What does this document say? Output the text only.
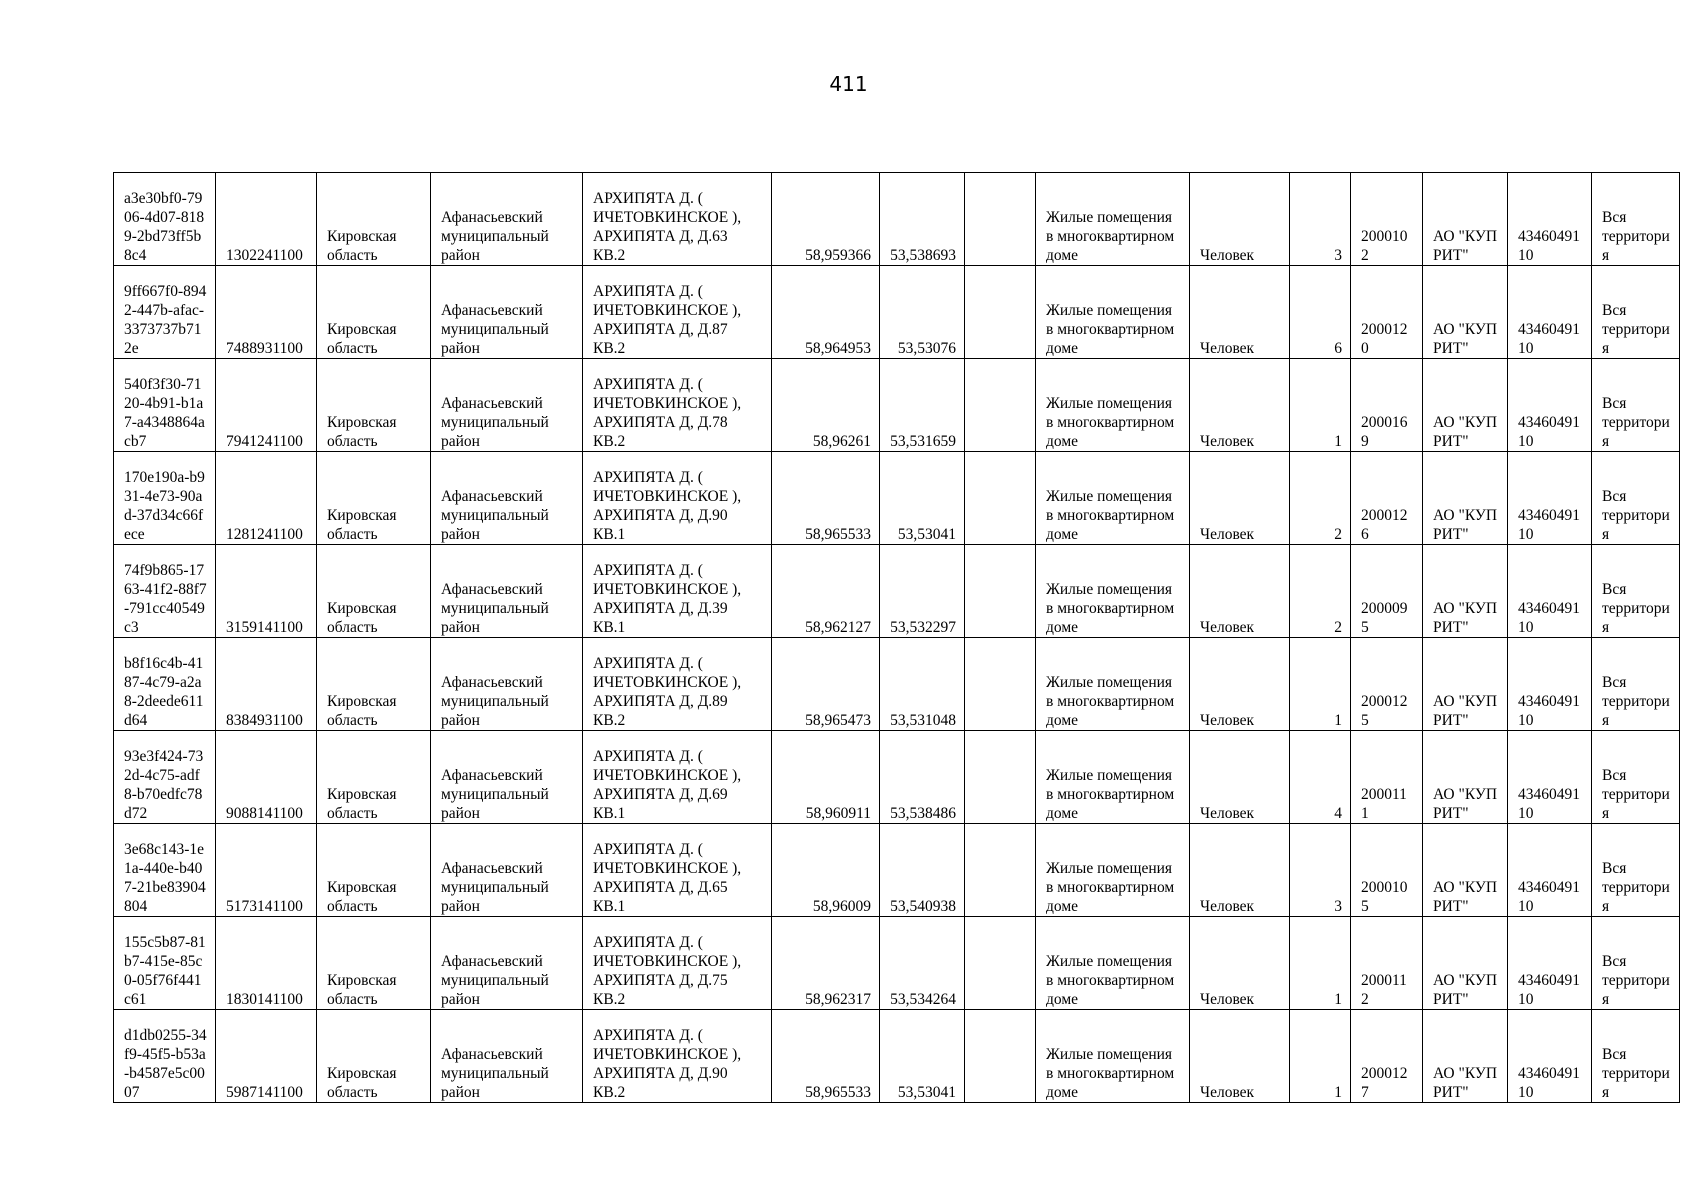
411
a3e30bf0-7906-4d07-8189-2bd73ff5b8c4	1302241100	Кировская область	Афанасьевский муниципальный район	АРХИПЯТА Д. ( ИЧЕТОВКИНСКОЕ ), АРХИПЯТА Д, Д.63 КВ.2	58,959366	53,538693		Жилые помещения в многоквартирном доме	Человек	3	2000102	АО "КУПРИТ"	4346049110	Вся территория
9ff667f0-8942-447b-afac-3373737b712e	7488931100	Кировская область	Афанасьевский муниципальный район	АРХИПЯТА Д. ( ИЧЕТОВКИНСКОЕ ), АРХИПЯТА Д, Д.87 КВ.2	58,964953	53,53076		Жилые помещения в многоквартирном доме	Человек	6	2000120	АО "КУПРИТ"	4346049110	Вся территория
540f3f30-7120-4b91-b1a7-a4348864acb7	7941241100	Кировская область	Афанасьевский муниципальный район	АРХИПЯТА Д. ( ИЧЕТОВКИНСКОЕ ), АРХИПЯТА Д, Д.78 КВ.2	58,96261	53,531659		Жилые помещения в многоквартирном доме	Человек	1	2000169	АО "КУПРИТ"	4346049110	Вся территория
170e190a-b931-4e73-90ad-37d34c66fece	1281241100	Кировская область	Афанасьевский муниципальный район	АРХИПЯТА Д. ( ИЧЕТОВКИНСКОЕ ), АРХИПЯТА Д, Д.90 КВ.1	58,965533	53,53041		Жилые помещения в многоквартирном доме	Человек	2	2000126	АО "КУПРИТ"	4346049110	Вся территория
74f9b865-1763-41f2-88f7-791cc40549c3	3159141100	Кировская область	Афанасьевский муниципальный район	АРХИПЯТА Д. ( ИЧЕТОВКИНСКОЕ ), АРХИПЯТА Д, Д.39 КВ.1	58,962127	53,532297		Жилые помещения в многоквартирном доме	Человек	2	2000095	АО "КУПРИТ"	4346049110	Вся территория
b8f16c4b-4187-4c79-a2a8-2deede611d64	8384931100	Кировская область	Афанасьевский муниципальный район	АРХИПЯТА Д. ( ИЧЕТОВКИНСКОЕ ), АРХИПЯТА Д, Д.89 КВ.2	58,965473	53,531048		Жилые помещения в многоквартирном доме	Человек	1	2000125	АО "КУПРИТ"	4346049110	Вся территория
93e3f424-732d-4c75-adf8-b70edfc78d72	9088141100	Кировская область	Афанасьевский муниципальный район	АРХИПЯТА Д. ( ИЧЕТОВКИНСКОЕ ), АРХИПЯТА Д, Д.69 КВ.1	58,960911	53,538486		Жилые помещения в многоквартирном доме	Человек	4	2000111	АО "КУПРИТ"	4346049110	Вся территория
3e68c143-1e1a-440e-b407-21be83904804	5173141100	Кировская область	Афанасьевский муниципальный район	АРХИПЯТА Д. ( ИЧЕТОВКИНСКОЕ ), АРХИПЯТА Д, Д.65 КВ.1	58,96009	53,540938		Жилые помещения в многоквартирном доме	Человек	3	2000105	АО "КУПРИТ"	4346049110	Вся территория
155c5b87-81b7-415e-85c0-05f76f441c61	1830141100	Кировская область	Афанасьевский муниципальный район	АРХИПЯТА Д. ( ИЧЕТОВКИНСКОЕ ), АРХИПЯТА Д, Д.75 КВ.2	58,962317	53,534264		Жилые помещения в многоквартирном доме	Человек	1	2000112	АО "КУПРИТ"	4346049110	Вся территория
d1db0255-34f9-45f5-b53a-b4587e5c0007	5987141100	Кировская область	Афанасьевский муниципальный район	АРХИПЯТА Д. ( ИЧЕТОВКИНСКОЕ ), АРХИПЯТА Д, Д.90 КВ.2	58,965533	53,53041		Жилые помещения в многоквартирном доме	Человек	1	2000127	АО "КУПРИТ"	4346049110	Вся территория
